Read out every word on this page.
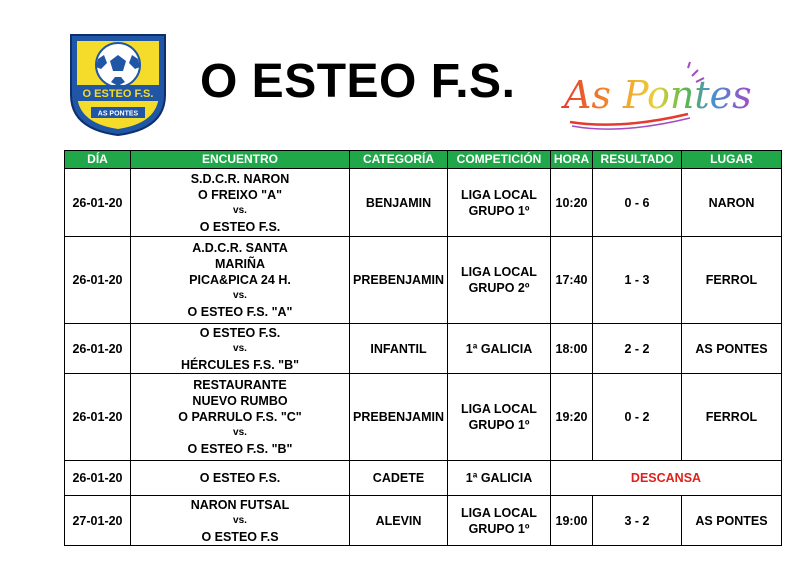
O ESTEO F.S.
AS PONTES
O ESTEO F.S.	As Pontes
DÍA	ENCUENTRO	CATEGORÍA	COMPETICIÓN	HORA	RESULTADO	LUGAR
26-01-20	S.D.C.R. NARON
O FREIXO "A"
vs.
O ESTEO F.S.	BENJAMIN	LIGA LOCAL
GRUPO 1º	10:20	0 - 6	NARON
26-01-20	A.D.C.R. SANTA
MARIÑA
PICA&PICA 24 H.
vs.
O ESTEO F.S. "A"	PREBENJAMIN	LIGA LOCAL
GRUPO 2º	17:40	1 - 3	FERROL
26-01-20	O ESTEO F.S.
vs.
HÉRCULES F.S. "B"	INFANTIL	1ª GALICIA	18:00	2 - 2	AS PONTES
26-01-20	RESTAURANTE
NUEVO RUMBO
O PARRULO F.S. "C"
vs.
O ESTEO F.S. "B"	PREBENJAMIN	LIGA LOCAL
GRUPO 1º	19:20	0 - 2	FERROL
26-01-20	O ESTEO F.S.	CADETE	1ª GALICIA	DESCANSA		
27-01-20	NARON FUTSAL
vs.
O ESTEO F.S	ALEVIN	LIGA LOCAL
GRUPO 1º	19:00	3 - 2	AS PONTES
